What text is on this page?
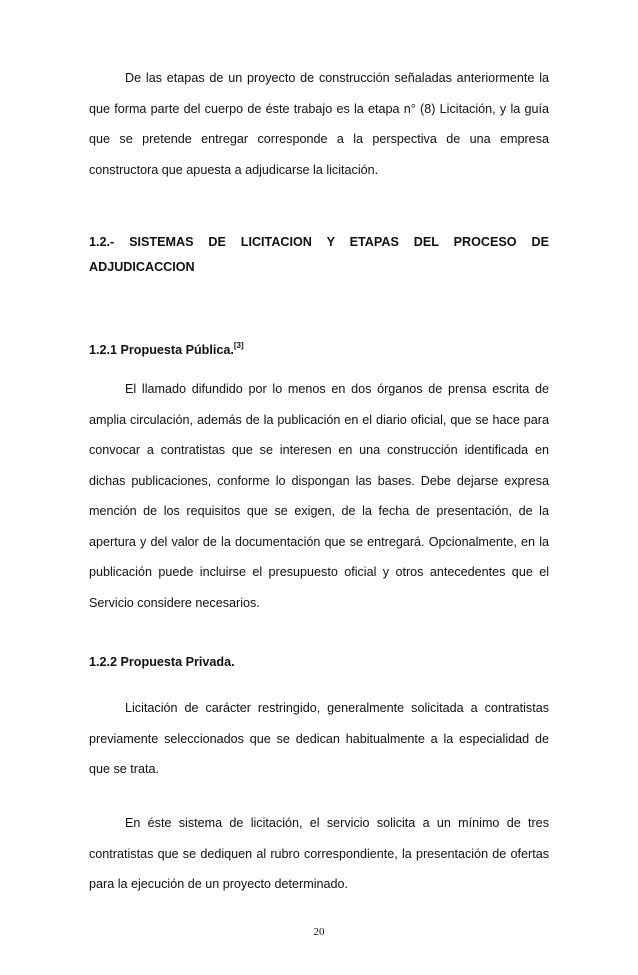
De las etapas de un proyecto de construcción señaladas anteriormente la que forma parte del cuerpo de éste trabajo es la etapa n° (8) Licitación, y la guía que se pretende entregar corresponde a la perspectiva de una empresa constructora que apuesta a adjudicarse la licitación.

1.2.- SISTEMAS DE LICITACION Y ETAPAS DEL PROCESO DE
ADJUDICACCION

1.2.1 Propuesta Pública.[3]

El llamado difundido por lo menos en dos órganos de prensa escrita de amplia circulación, además de la publicación en el diario oficial, que se hace para convocar a contratistas que se interesen en una construcción identificada en dichas publicaciones, conforme lo dispongan las bases. Debe dejarse expresa mención de los requisitos que se exigen, de la fecha de presentación, de la apertura y del valor de la documentación que se entregará. Opcionalmente, en la publicación puede incluirse el presupuesto oficial y otros antecedentes que el Servicio considere necesarios.

1.2.2 Propuesta Privada.

Licitación de carácter restringido, generalmente solicitada a contratistas previamente seleccionados que se dedican habitualmente a la especialidad de que se trata.

En éste sistema de licitación, el servicio solicita a un mínimo de tres contratistas que se dediquen al rubro correspondiente, la presentación de ofertas para la ejecución de un proyecto determinado.

20
